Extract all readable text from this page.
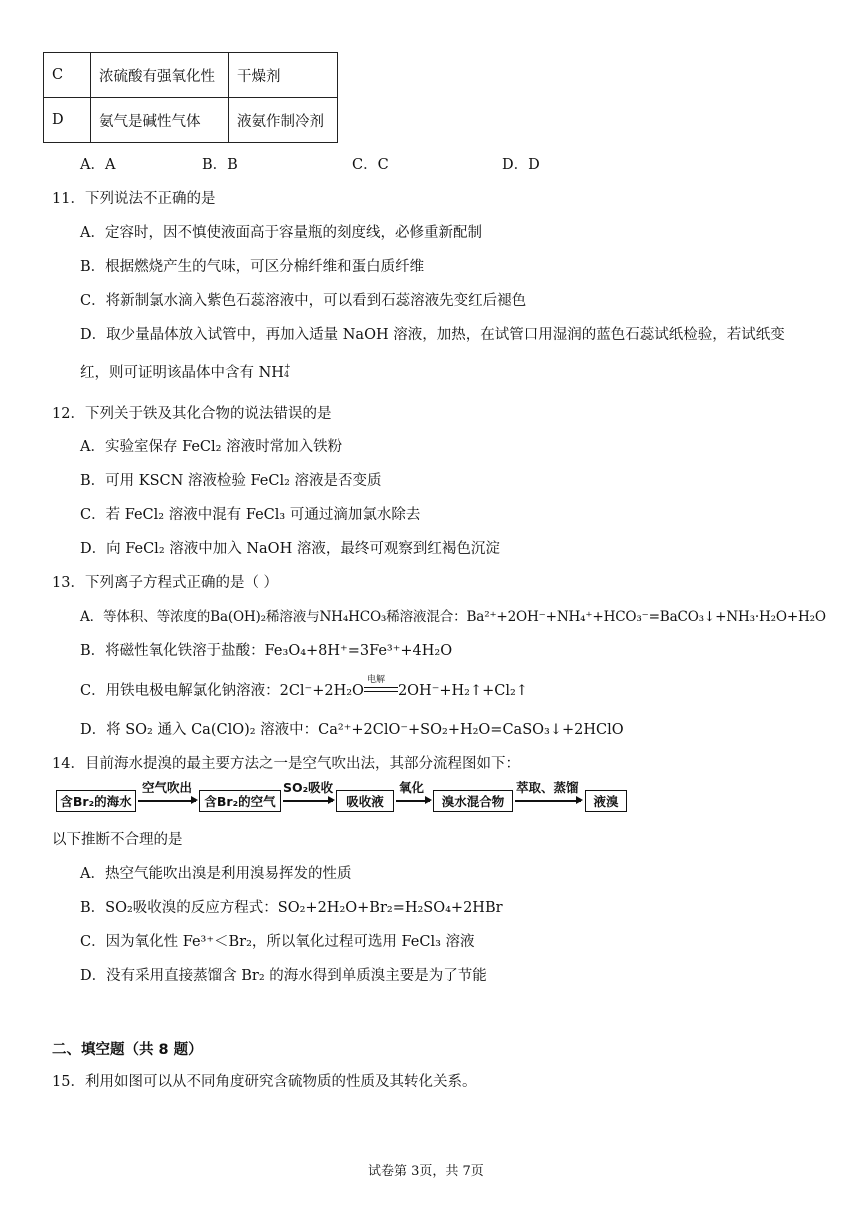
C	浓硫酸有强氧化性	干燥剂
D	氨气是碱性气体	液氨作制冷剂
A．A	B．B	C．C	D．D
11．下列说法不正确的是
A．定容时，因不慎使液面高于容量瓶的刻度线，必修重新配制
B．根据燃烧产生的气味，可区分棉纤维和蛋白质纤维
C．将新制氯水滴入紫色石蕊溶液中，可以看到石蕊溶液先变红后褪色
D．取少量晶体放入试管中，再加入适量 NaOH 溶液，加热，在试管口用湿润的蓝色石蕊试纸检验，若试纸变
红，则可证明该晶体中含有 NH +
4
12．下列关于铁及其化合物的说法错误的是
A．实验室保存 FeCl₂ 溶液时常加入铁粉
B．可用 KSCN 溶液检验 FeCl₂ 溶液是否变质
C．若 FeCl₂ 溶液中混有 FeCl₃ 可通过滴加氯水除去
D．向 FeCl₂ 溶液中加入 NaOH 溶液，最终可观察到红褐色沉淀
13．下列离子方程式正确的是（ ）
A．等体积、等浓度的Ba(OH)₂稀溶液与NH₄HCO₃稀溶液混合：Ba²⁺+2OH⁻+NH₄⁺+HCO₃⁻=BaCO₃↓+NH₃·H₂O+H₂O
B．将磁性氧化铁溶于盐酸：Fe₃O₄+8H⁺=3Fe³⁺+4H₂O
C．用铁电极电解氯化钠溶液：2Cl⁻+2H₂O
电解
2OH⁻+H₂↑+Cl₂↑
D．将 SO₂ 通入 Ca(ClO)₂ 溶液中：Ca²⁺+2ClO⁻+SO₂+H₂O=CaSO₃↓+2HClO
14．目前海水提溴的最主要方法之一是空气吹出法，其部分流程图如下：
含Br₂的海水
空气吹出
含Br₂的空气
SO₂吸收
吸收液
氧化
溴水混合物
萃取、蒸馏
液溴
以下推断不合理的是
A．热空气能吹出溴是利用溴易挥发的性质
B．SO₂吸收溴的反应方程式：SO₂+2H₂O+Br₂=H₂SO₄+2HBr
C．因为氧化性 Fe³⁺＜Br₂，所以氧化过程可选用 FeCl₃ 溶液
D．没有采用直接蒸馏含 Br₂ 的海水得到单质溴主要是为了节能
二、填空题（共 8 题）
15．利用如图可以从不同角度研究含硫物质的性质及其转化关系。
试卷第 3页，共 7页
